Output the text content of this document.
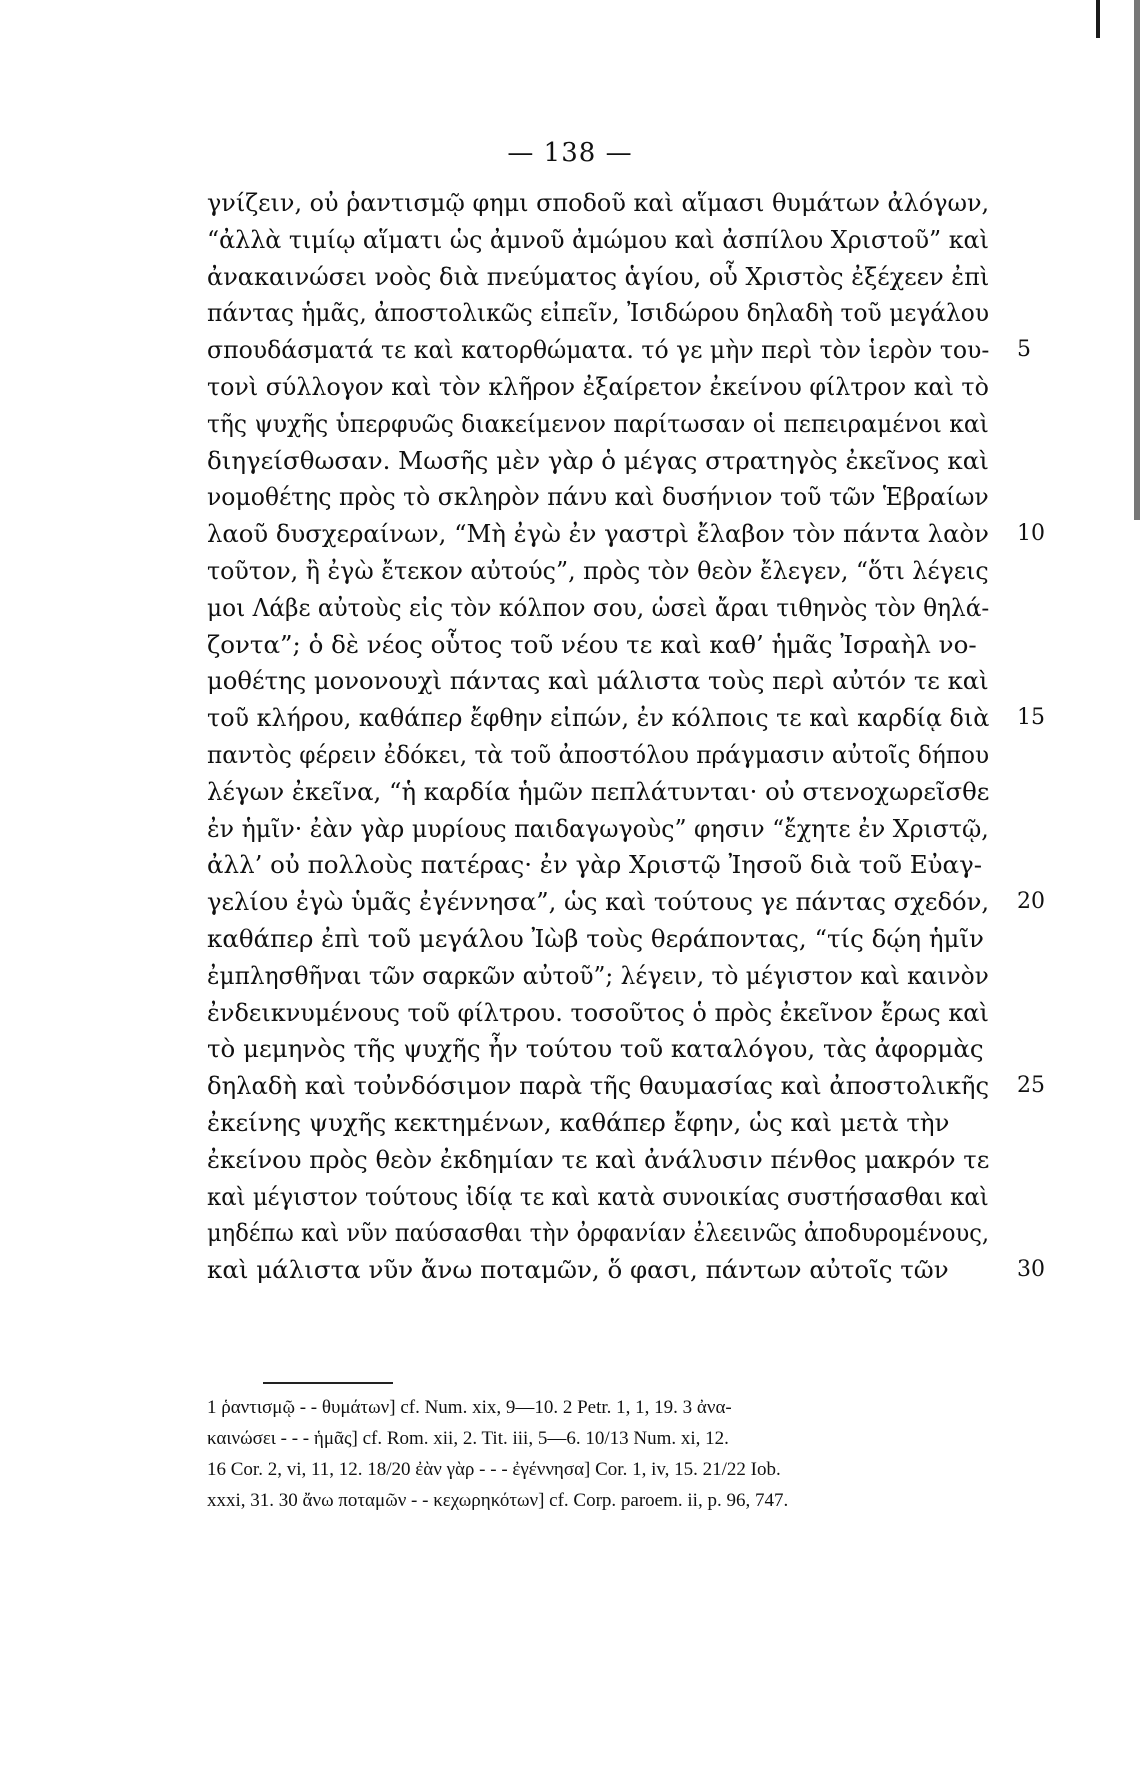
— 138 —
γνίζειν, οὐ ῥαντισμῷ φημι σποδοῦ καὶ αἵμασι θυμάτων ἀλόγων,
“ἀλλὰ τιμίῳ αἵματι ὡς ἀμνοῦ ἀμώμου καὶ ἀσπίλου Χριστοῦ” καὶ
ἀνακαινώσει νοὸς διὰ πνεύματος ἁγίου, οὗ Χριστὸς ἐξέχεεν ἐπὶ
πάντας ἡμᾶς, ἀποστολικῶς εἰπεῖν, Ἰσιδώρου δηλαδὴ τοῦ μεγάλου
σπουδάσματά τε καὶ κατορθώματα. τό γε μὴν περὶ τὸν ἱερὸν του- 5
τονὶ σύλλογον καὶ τὸν κλῆρον ἐξαίρετον ἐκείνου φίλτρον καὶ τὸ
τῆς ψυχῆς ὑπερφυῶς διακείμενον παρίτωσαν οἱ πεπειραμένοι καὶ
διηγείσθωσαν. Μωσῆς μὲν γὰρ ὁ μέγας στρατηγὸς ἐκεῖνος καὶ
νομοθέτης πρὸς τὸ σκληρὸν πάνυ καὶ δυσήνιον τοῦ τῶν Ἑβραίων
λαοῦ δυσχεραίνων, “Μὴ ἐγὼ ἐν γαστρὶ ἔλαβον τὸν πάντα λαὸν 10
τοῦτον, ἢ ἐγὼ ἔτεκον αὐτούς”, πρὸς τὸν θεὸν ἔλεγεν, “ὅτι λέγεις
μοι Λάβε αὐτοὺς εἰς τὸν κόλπον σου, ὡσεὶ ἄραι τιθηνὸς τὸν θηλά-
ζοντα”; ὁ δὲ νέος οὗτος τοῦ νέου τε καὶ καθ’ ἡμᾶς Ἰσραὴλ νο-
μοθέτης μονονουχὶ πάντας καὶ μάλιστα τοὺς περὶ αὐτόν τε καὶ
τοῦ κλήρου, καθάπερ ἔφθην εἰπών, ἐν κόλποις τε καὶ καρδίᾳ διὰ 15
παντὸς φέρειν ἐδόκει, τὰ τοῦ ἀποστόλου πράγμασιν αὐτοῖς δήπου
λέγων ἐκεῖνα, “ἡ καρδία ἡμῶν πεπλάτυνται· οὐ στενοχωρεῖσθε
ἐν ἡμῖν· ἐὰν γὰρ μυρίους παιδαγωγοὺς” φησιν “ἔχητε ἐν Χριστῷ,
ἀλλ’ οὐ πολλοὺς πατέρας· ἐν γὰρ Χριστῷ Ἰησοῦ διὰ τοῦ Εὐαγ-
γελίου ἐγὼ ὑμᾶς ἐγέννησα”, ὡς καὶ τούτους γε πάντας σχεδόν, 20
καθάπερ ἐπὶ τοῦ μεγάλου Ἰὼβ τοὺς θεράποντας, “τίς δῴη ἡμῖν
ἐμπλησθῆναι τῶν σαρκῶν αὐτοῦ”; λέγειν, τὸ μέγιστον καὶ καινὸν
ἐνδεικνυμένους τοῦ φίλτρου. τοσοῦτος ὁ πρὸς ἐκεῖνον ἔρως καὶ
τὸ μεμηνὸς τῆς ψυχῆς ἦν τούτου τοῦ καταλόγου, τὰς ἀφορμὰς
δηλαδὴ καὶ τοὐνδόσιμον παρὰ τῆς θαυμασίας καὶ ἀποστολικῆς 25
ἐκείνης ψυχῆς κεκτημένων, καθάπερ ἔφην, ὡς καὶ μετὰ τὴν
ἐκείνου πρὸς θεὸν ἐκδημίαν τε καὶ ἀνάλυσιν πένθος μακρόν τε
καὶ μέγιστον τούτους ἰδίᾳ τε καὶ κατὰ συνοικίας συστήσασθαι καὶ
μηδέπω καὶ νῦν παύσασθαι τὴν ὀρφανίαν ἐλεεινῶς ἀποδυρομένους,
καὶ μάλιστα νῦν ἄνω ποταμῶν, ὅ φασι, πάντων αὐτοῖς τῶν	30
1 ῥαντισμῷ - - θυμάτων] cf. Num. xix, 9—10. 2 Petr. 1, 1, 19. 3 ἀνα-
καινώσει - - - ἡμᾶς] cf. Rom. xii, 2. Tit. iii, 5—6. 10/13 Num. xi, 12.
16 Cor. 2, vi, 11, 12. 18/20 ἐὰν γὰρ - - - ἐγέννησα] Cor. 1, iv, 15. 21/22 Iob.
xxxi, 31. 30 ἄνω ποταμῶν - - κεχωρηκότων] cf. Corp. paroem. ii, p. 96, 747.
